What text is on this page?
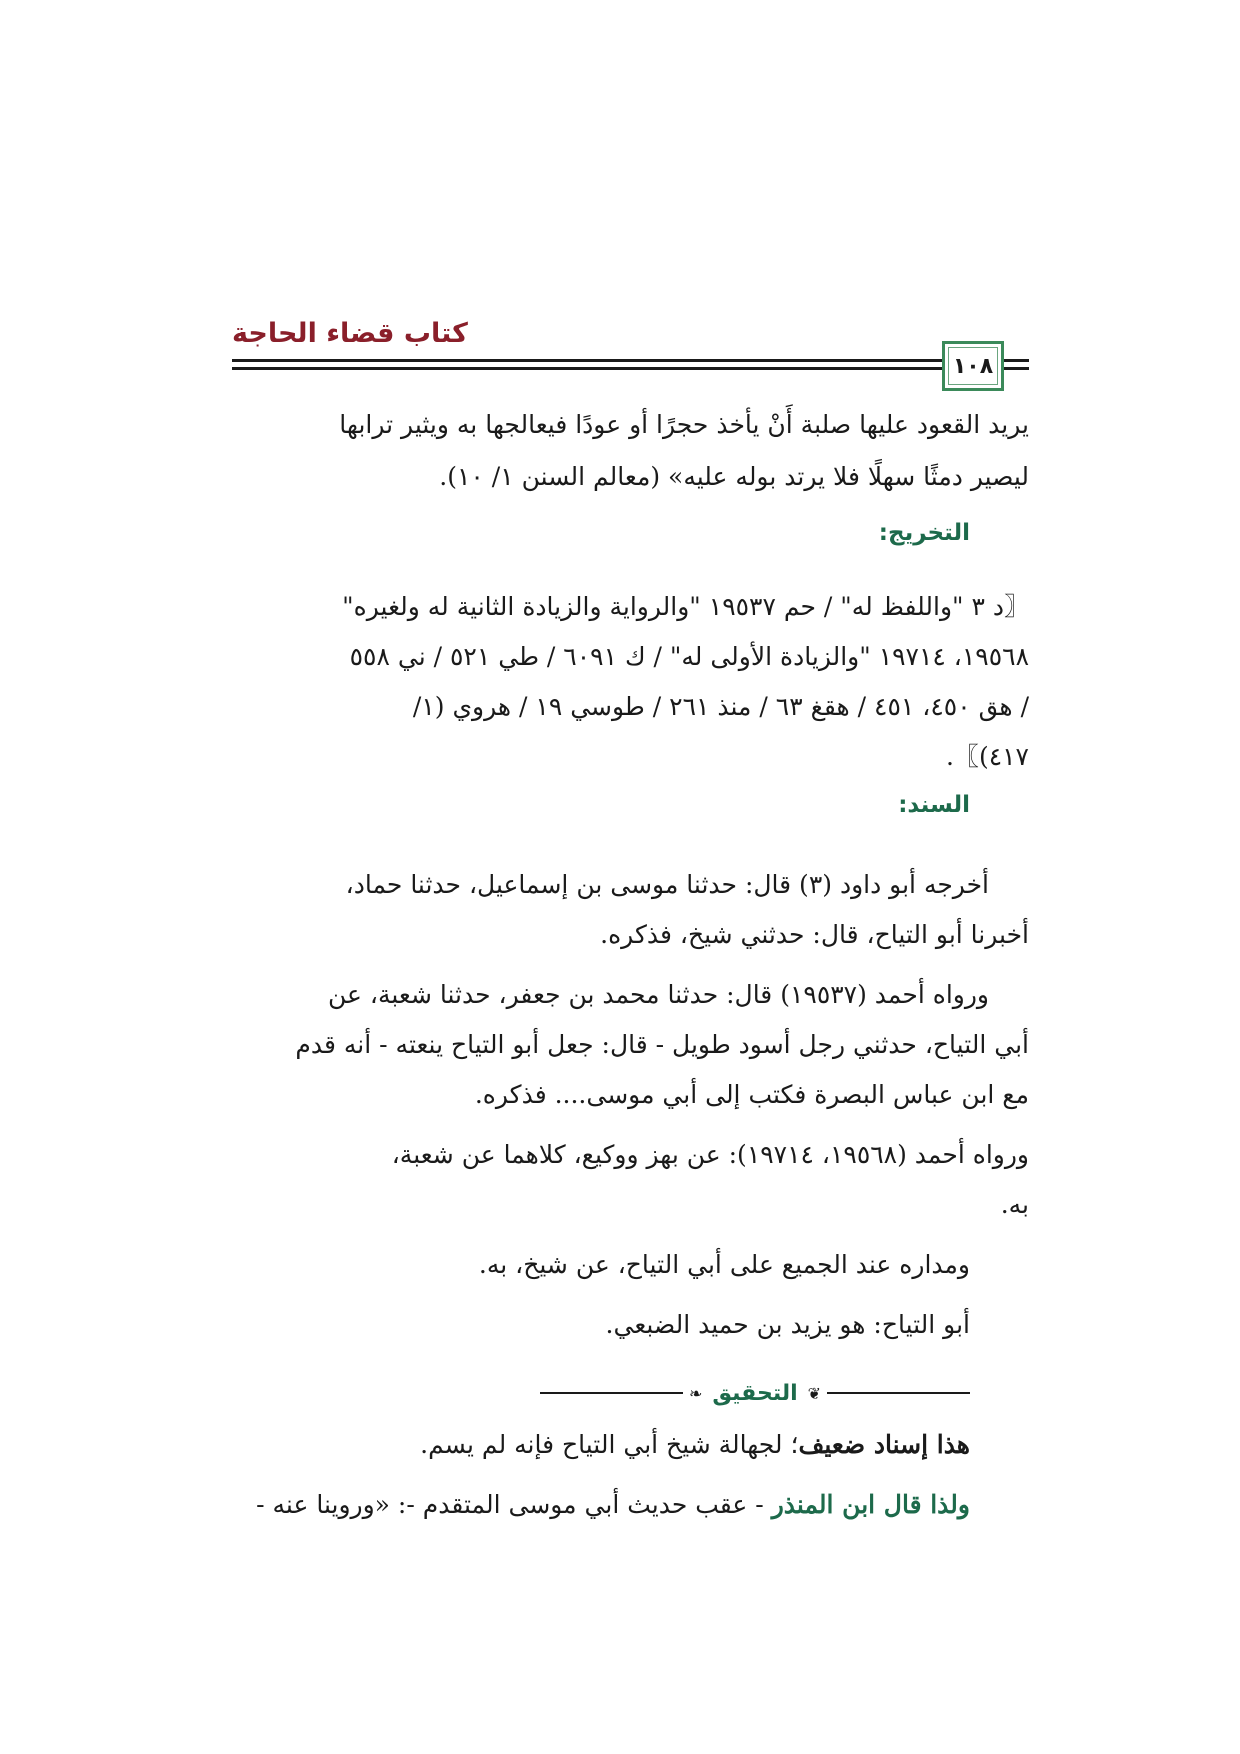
كتاب قضاء الحاجة
١٠٨
يريد القعود عليها صلبة أَنْ يأخذ حجرًا أو عودًا فيعالجها به ويثير ترابها
ليصير دمثًا سهلًا فلا يرتد بوله عليه» (معالم السنن ١/ ١٠).
التخريج:
〖د ٣ "واللفظ له" / حم ١٩٥٣٧ "والرواية والزيادة الثانية له ولغيره"
١٩٥٦٨، ١٩٧١٤ "والزيادة الأولى له" / ك ٦٠٩١ / طي ٥٢١ / ني ٥٥٨
/ هق ٤٥٠، ٤٥١ / هقغ ٦٣ / منذ ٢٦١ / طوسي ١٩ / هروي (١/
٤١٧)〗.
السند:
أخرجه أبو داود (٣) قال: حدثنا موسى بن إسماعيل، حدثنا حماد،
أخبرنا أبو التياح، قال: حدثني شيخ، فذكره.
ورواه أحمد (١٩٥٣٧) قال: حدثنا محمد بن جعفر، حدثنا شعبة، عن
أبي التياح، حدثني رجل أسود طويل - قال: جعل أبو التياح ينعته - أنه قدم
مع ابن عباس البصرة فكتب إلى أبي موسى.... فذكره.
ورواه أحمد (١٩٥٦٨، ١٩٧١٤): عن بهز ووكيع، كلاهما عن شعبة،
به.
ومداره عند الجميع على أبي التياح، عن شيخ، به.
أبو التياح: هو يزيد بن حميد الضبعي.
❦
التحقيق
❧
هذا إسناد ضعيف؛ لجهالة شيخ أبي التياح فإنه لم يسم.
ولذا قال ابن المنذر - عقب حديث أبي موسى المتقدم -: «وروينا عنه -
